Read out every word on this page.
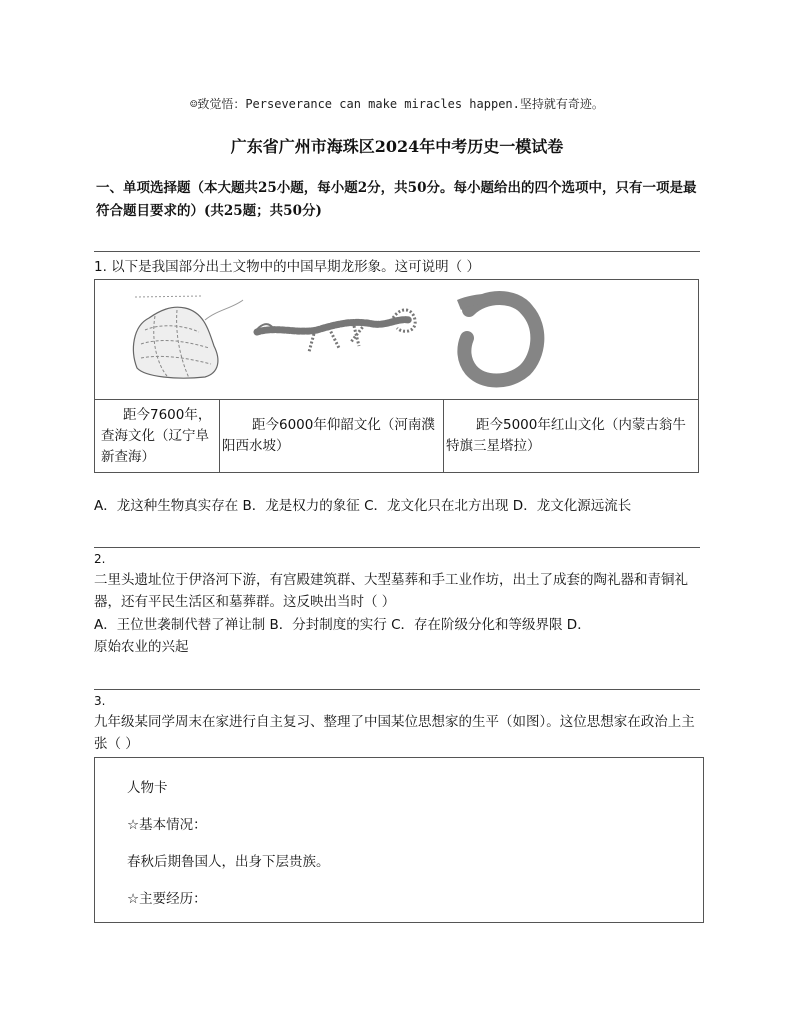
☺致觉悟：Perseverance can make miracles happen.坚持就有奇迹。
广东省广州市海珠区2024年中考历史一模试卷
一、单项选择题（本大题共25小题，每小题2分，共50分。每小题给出的四个选项中，只有一项是最符合题目要求的）(共25题；共50分)
1. 以下是我国部分出土文物中的中国早期龙形象。这可说明（ ）

距今7600年，查海文化（辽宁阜新查海）	距今6000年仰韶文化（河南濮阳西水坡）	距今5000年红山文化（内蒙古翁牛特旗三星塔拉）
A．龙这种生物真实存在 B．龙是权力的象征 C．龙文化只在北方出现 D．龙文化源远流长
2.
二里头遗址位于伊洛河下游，有宫殿建筑群、大型墓葬和手工业作坊，出土了成套的陶礼器和青铜礼器，还有平民生活区和墓葬群。这反映出当时（ ）
A．王位世袭制代替了禅让制 B．分封制度的实行 C．存在阶级分化和等级界限 D．
原始农业的兴起
3.
九年级某同学周末在家进行自主复习、整理了中国某位思想家的生平（如图）。这位思想家在政治上主张（ ）
人物卡
☆基本情况：
春秋后期鲁国人，出身下层贵族。
☆主要经历：
